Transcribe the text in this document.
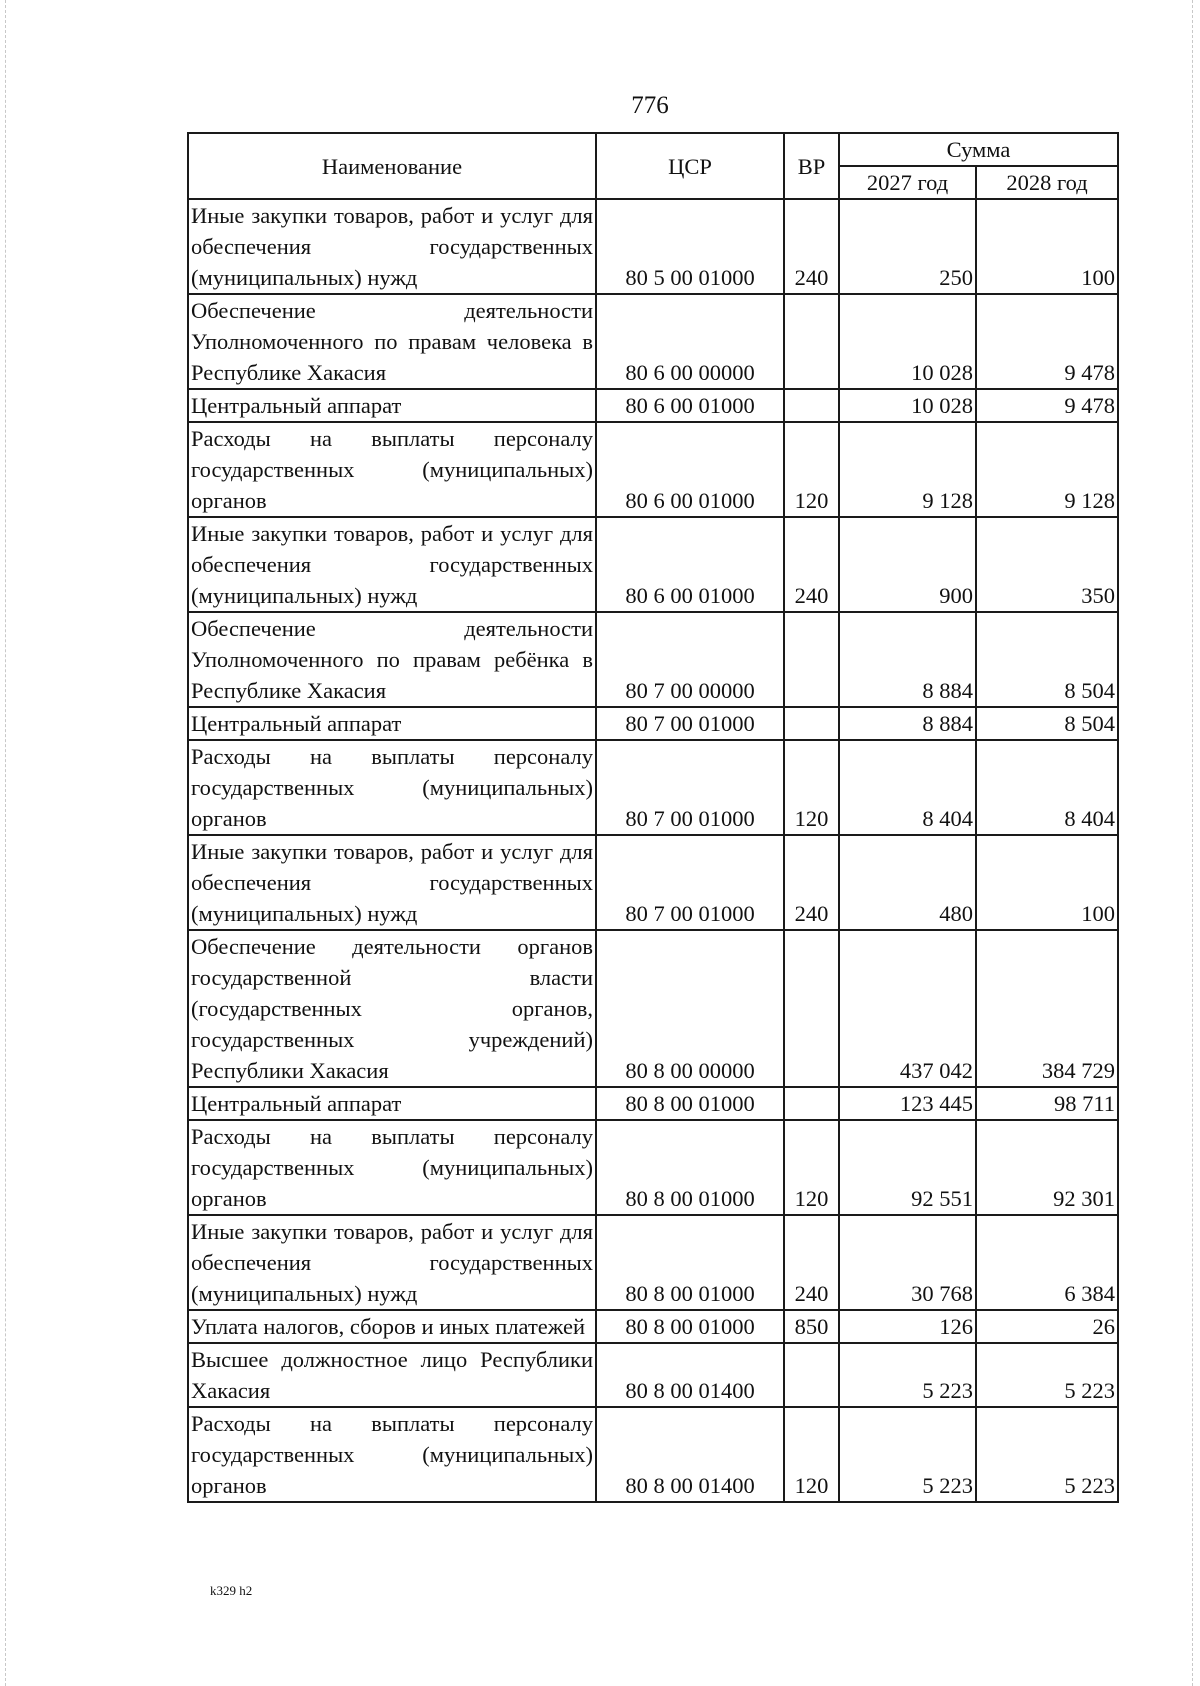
776
Наименование	ЦСР	ВР	Сумма	
			2027 год	2028 год
Иные закупки товаров, работ и услуг для обеспечения государственных (муниципальных) нужд	80 5 00 01000	240	250	100
Обеспечение деятельности Уполномоченного по правам человека в Республике Хакасия	80 6 00 00000		10 028	9 478
Центральный аппарат	80 6 00 01000		10 028	9 478
Расходы на выплаты персоналу государственных (муниципальных) органов	80 6 00 01000	120	9 128	9 128
Иные закупки товаров, работ и услуг для обеспечения государственных (муниципальных) нужд	80 6 00 01000	240	900	350
Обеспечение деятельности Уполномоченного по правам ребёнка в Республике Хакасия	80 7 00 00000		8 884	8 504
Центральный аппарат	80 7 00 01000		8 884	8 504
Расходы на выплаты персоналу государственных (муниципальных) органов	80 7 00 01000	120	8 404	8 404
Иные закупки товаров, работ и услуг для обеспечения государственных (муниципальных) нужд	80 7 00 01000	240	480	100
Обеспечение деятельности органов государственной власти (государственных органов, государственных учреждений) Республики Хакасия	80 8 00 00000		437 042	384 729
Центральный аппарат	80 8 00 01000		123 445	98 711
Расходы на выплаты персоналу государственных (муниципальных) органов	80 8 00 01000	120	92 551	92 301
Иные закупки товаров, работ и услуг для обеспечения государственных (муниципальных) нужд	80 8 00 01000	240	30 768	6 384
Уплата налогов, сборов и иных платежей	80 8 00 01000	850	126	26
Высшее должностное лицо Республики Хакасия	80 8 00 01400		5 223	5 223
Расходы на выплаты персоналу государственных (муниципальных) органов	80 8 00 01400	120	5 223	5 223
k329 h2
